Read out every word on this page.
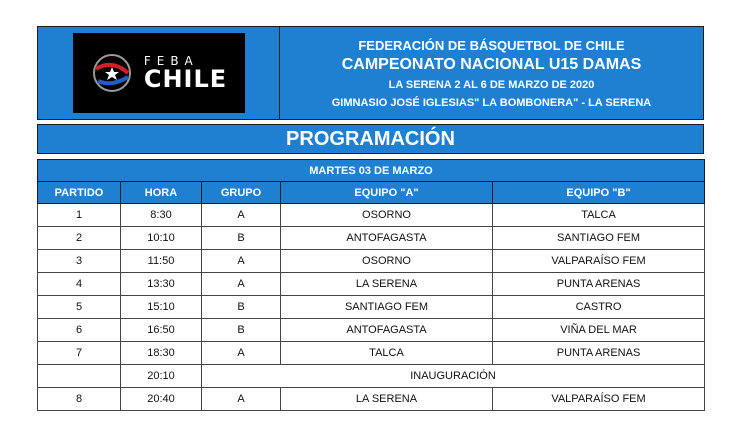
FEBA
CHILE
FEDERACIÓN DE BÁSQUETBOL DE CHILE
CAMPEONATO NACIONAL U15 DAMAS
LA SERENA 2 AL 6 DE MARZO DE 2020
GIMNASIO JOSÉ IGLESIAS" LA BOMBONERA" - LA SERENA
PROGRAMACIÓN
MARTES 03 DE MARZO				
PARTIDO	HORA	GRUPO	EQUIPO "A"	EQUIPO "B"
1	8:30	A	OSORNO	TALCA
2	10:10	B	ANTOFAGASTA	SANTIAGO FEM
3	11:50	A	OSORNO	VALPARAÍSO FEM
4	13:30	A	LA SERENA	PUNTA ARENAS
5	15:10	B	SANTIAGO FEM	CASTRO
6	16:50	B	ANTOFAGASTA	VIÑA DEL MAR
7	18:30	A	TALCA	PUNTA ARENAS
	20:10	INAUGURACIÓN		
8	20:40	A	LA SERENA	VALPARAÍSO FEM
